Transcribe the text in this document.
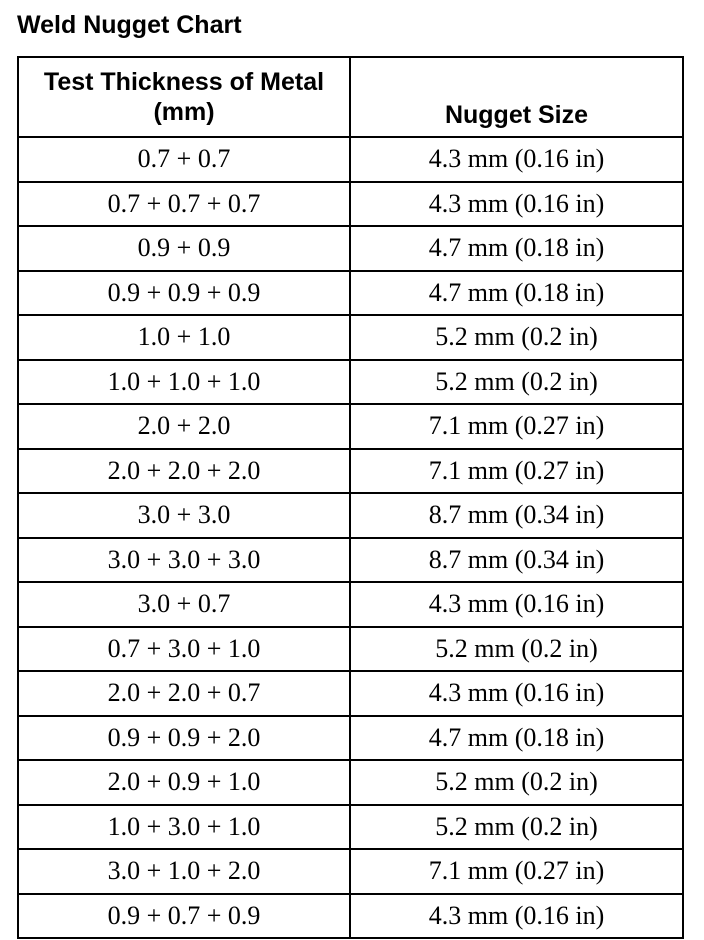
Weld Nugget Chart
Test Thickness of Metal (mm)	Nugget Size
0.7 + 0.7	4.3 mm (0.16 in)
0.7 + 0.7 + 0.7	4.3 mm (0.16 in)
0.9 + 0.9	4.7 mm (0.18 in)
0.9 + 0.9 + 0.9	4.7 mm (0.18 in)
1.0 + 1.0	5.2 mm (0.2 in)
1.0 + 1.0 + 1.0	5.2 mm (0.2 in)
2.0 + 2.0	7.1 mm (0.27 in)
2.0 + 2.0 + 2.0	7.1 mm (0.27 in)
3.0 + 3.0	8.7 mm (0.34 in)
3.0 + 3.0 + 3.0	8.7 mm (0.34 in)
3.0 + 0.7	4.3 mm (0.16 in)
0.7 + 3.0 + 1.0	5.2 mm (0.2 in)
2.0 + 2.0 + 0.7	4.3 mm (0.16 in)
0.9 + 0.9 + 2.0	4.7 mm (0.18 in)
2.0 + 0.9 + 1.0	5.2 mm (0.2 in)
1.0 + 3.0 + 1.0	5.2 mm (0.2 in)
3.0 + 1.0 + 2.0	7.1 mm (0.27 in)
0.9 + 0.7 + 0.9	4.3 mm (0.16 in)
